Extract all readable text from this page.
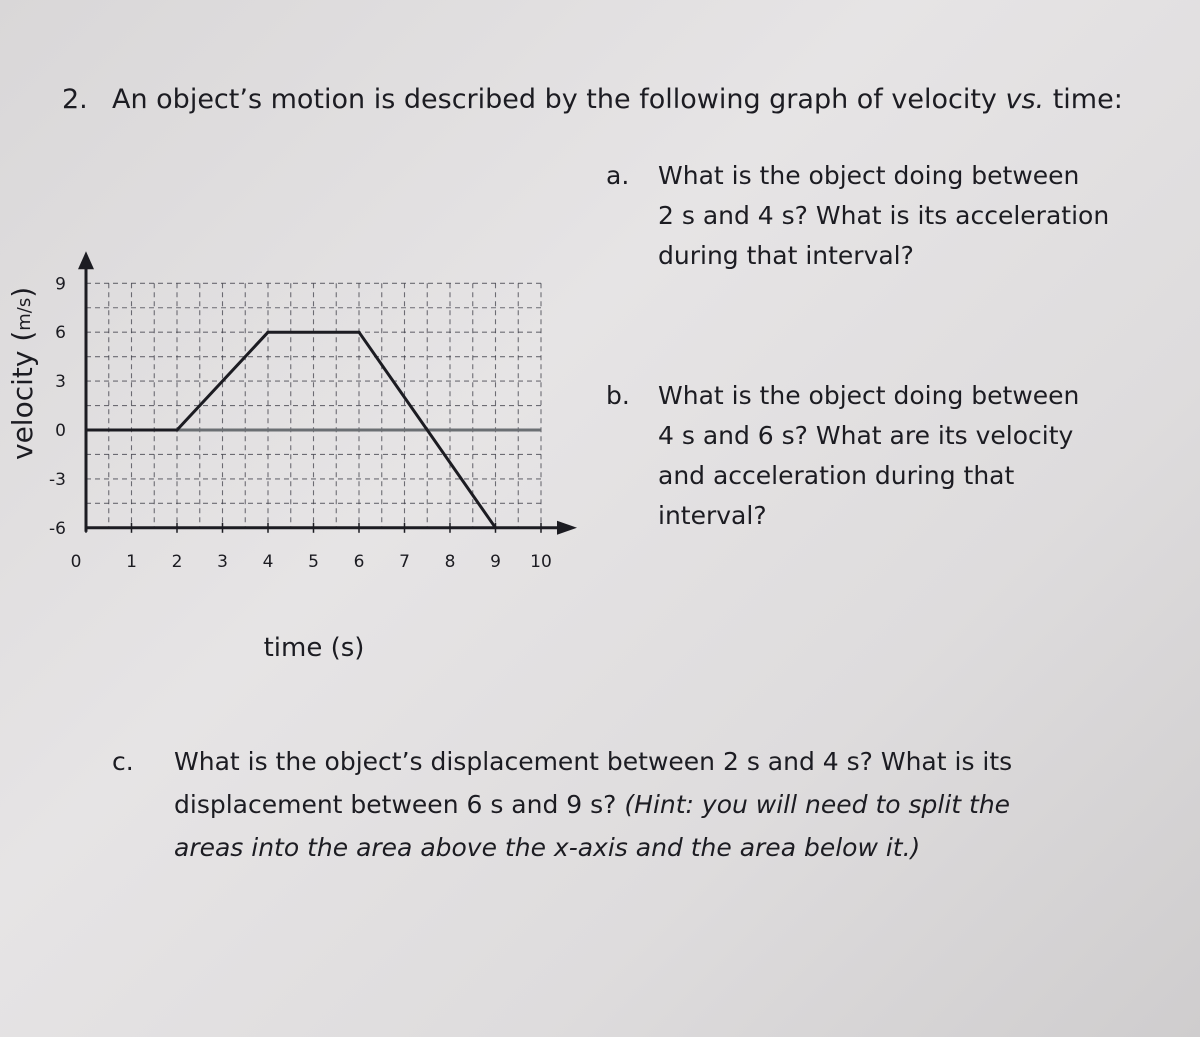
2. An object’s motion is described by the following graph of velocity vs. time:
0	1 2 3 4 5 6 7 8 9 10
9
6
3
0
-3
-6
time (s)
velocity (m/s)
a. What is the object doing between
2 s and 4 s? What is its acceleration
during that interval?
b. What is the object doing between
4 s and 6 s? What are its velocity
and acceleration during that
interval?
c. What is the object’s displacement between 2 s and 4 s? What is its
displacement between 6 s and 9 s? (Hint: you will need to split the
areas into the area above the x-axis and the area below it.)
